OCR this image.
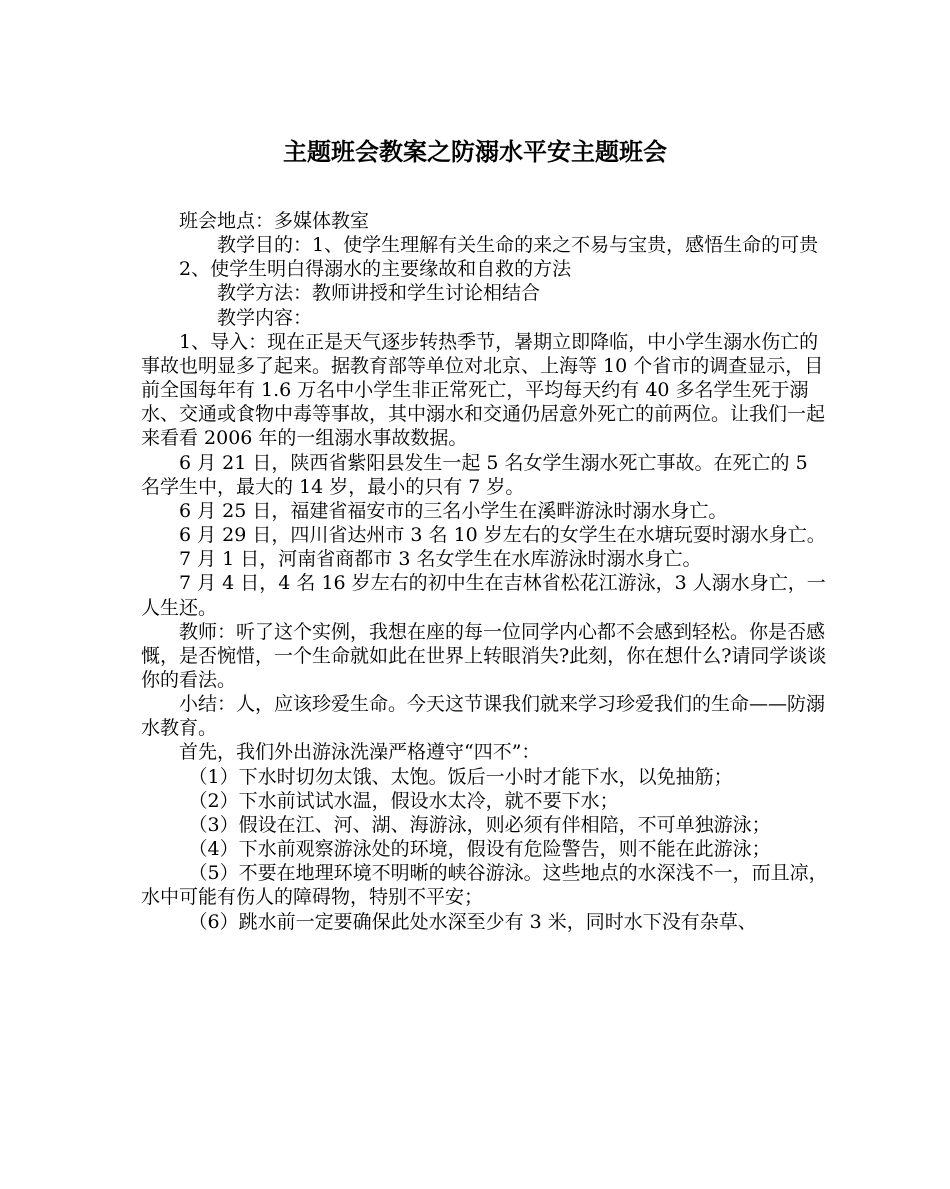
主题班会教案之防溺水平安主题班会

班会地点：多媒体教室

教学目的：1、使学生理解有关生命的来之不易与宝贵，感悟生命的可贵

2、使学生明白得溺水的主要缘故和自救的方法

教学方法：教师讲授和学生讨论相结合

教学内容：

1、导入：现在正是天气逐步转热季节，暑期立即降临，中小学生溺水伤亡的事故也明显多了起来。据教育部等单位对北京、上海等 10 个省市的调查显示，目前全国每年有 1.6 万名中小学生非正常死亡，平均每天约有 40 多名学生死于溺水、交通或食物中毒等事故，其中溺水和交通仍居意外死亡的前两位。让我们一起来看看 2006 年的一组溺水事故数据。

6 月 21 日，陕西省紫阳县发生一起 5 名女学生溺水死亡事故。在死亡的 5 名学生中，最大的 14 岁，最小的只有 7 岁。

6 月 25 日，福建省福安市的三名小学生在溪畔游泳时溺水身亡。

6 月 29 日，四川省达州市 3 名 10 岁左右的女学生在水塘玩耍时溺水身亡。

7 月 1 日，河南省商都市 3 名女学生在水库游泳时溺水身亡。

7 月 4 日，4 名 16 岁左右的初中生在吉林省松花江游泳，3 人溺水身亡，一人生还。

教师：听了这个实例，我想在座的每一位同学内心都不会感到轻松。你是否感慨，是否惋惜，一个生命就如此在世界上转眼消失?此刻，你在想什么?请同学谈谈你的看法。

小结：人，应该珍爱生命。今天这节课我们就来学习珍爱我们的生命——防溺水教育。

首先，我们外出游泳洗澡严格遵守“四不”：

（1）下水时切勿太饿、太饱。饭后一小时才能下水，以免抽筋；

（2）下水前试试水温，假设水太冷，就不要下水；

（3）假设在江、河、湖、海游泳，则必须有伴相陪，不可单独游泳；

（4）下水前观察游泳处的环境，假设有危险警告，则不能在此游泳；

（5）不要在地理环境不明晰的峡谷游泳。这些地点的水深浅不一，而且凉，水中可能有伤人的障碍物，特别不平安；

（6）跳水前一定要确保此处水深至少有 3 米，同时水下没有杂草、
